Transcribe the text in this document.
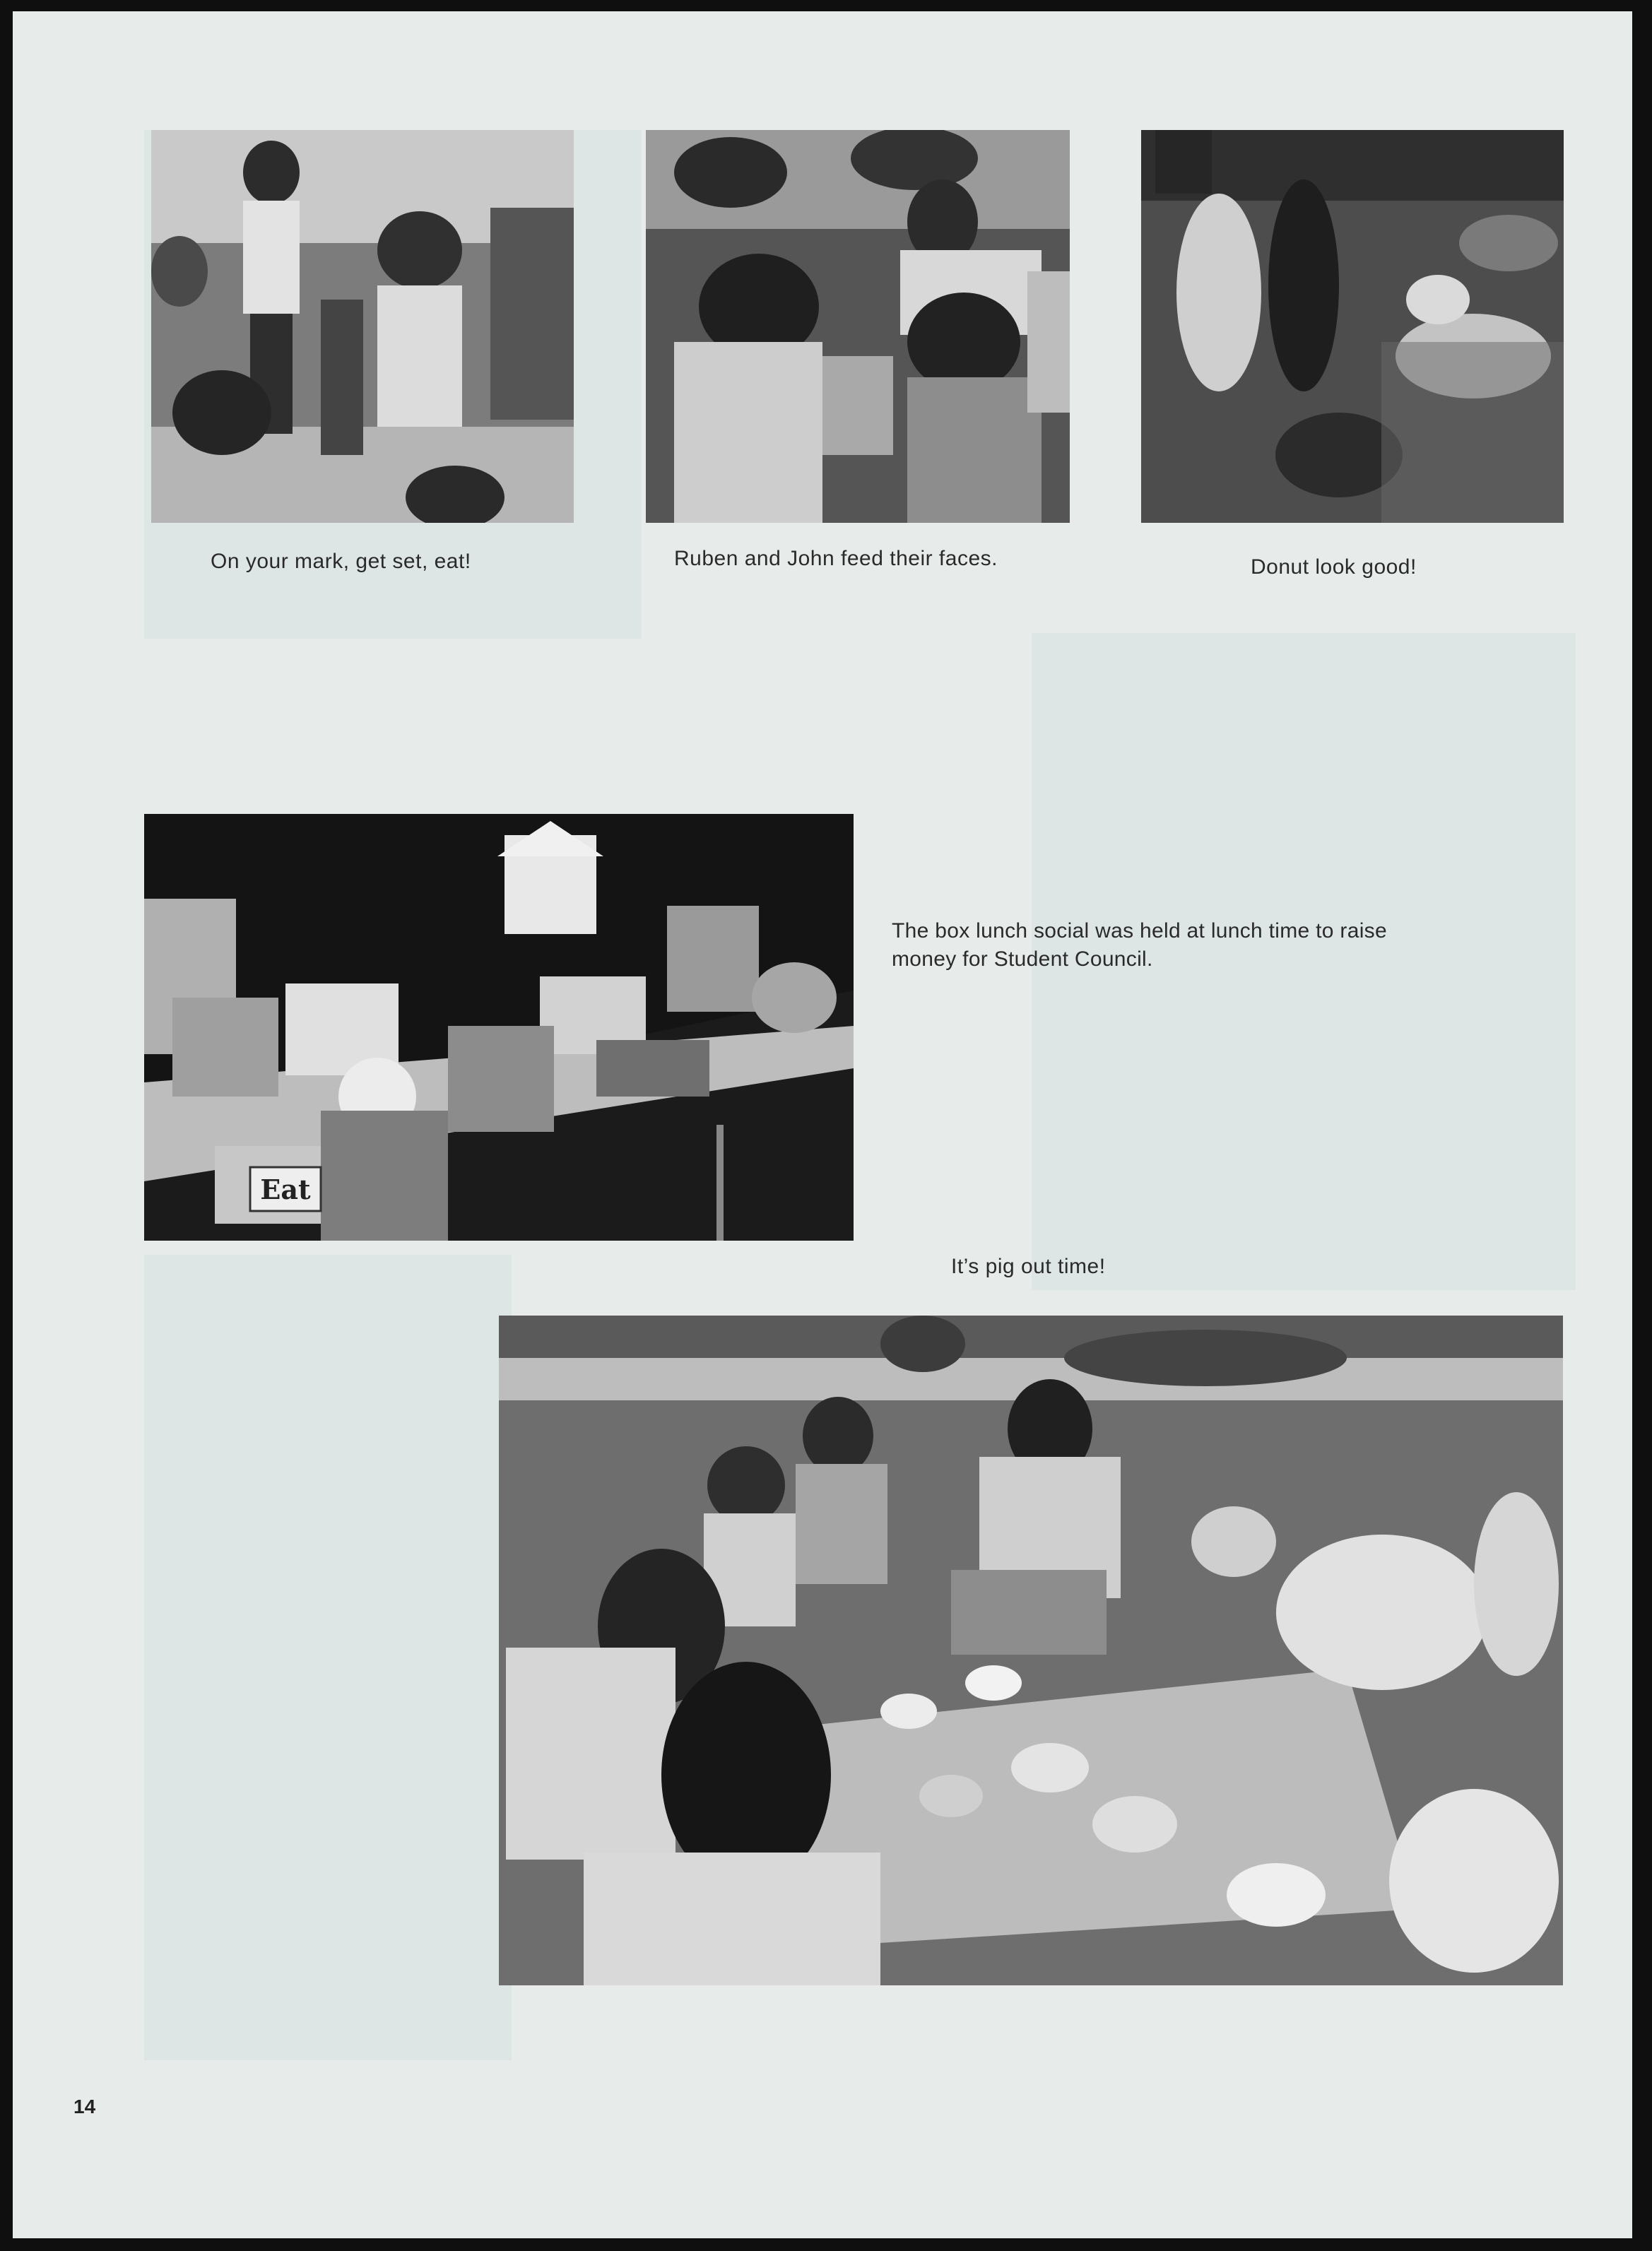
On your mark, get set, eat!	Ruben and John feed their faces.	Donut look good!
Eat
The box lunch social was held at lunch time to raise money for Student Council.
It’s pig out time!
14
